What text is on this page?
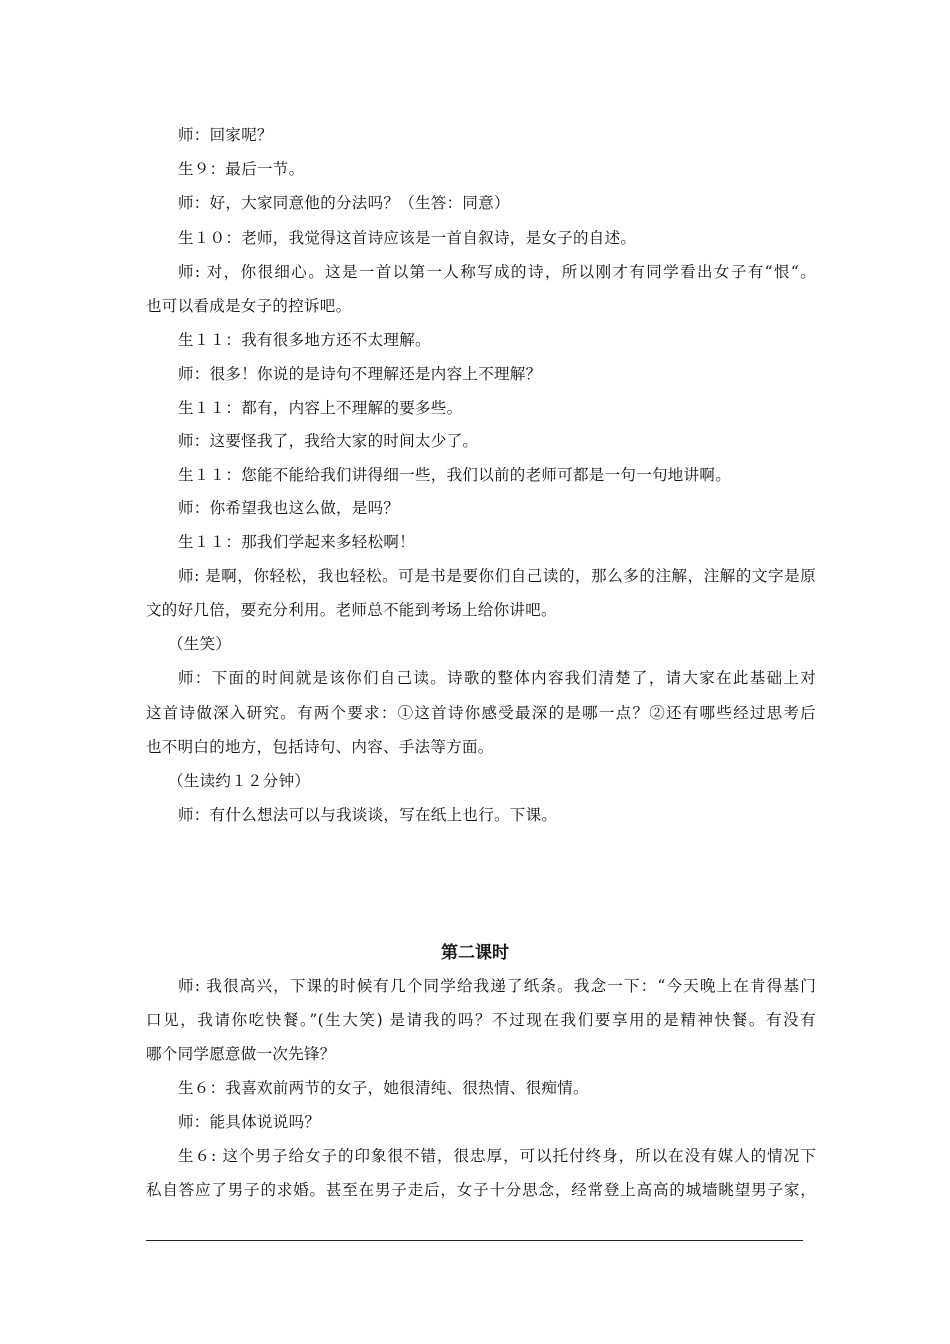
师：回家呢？
生９：最后一节。
师：好，大家同意他的分法吗？（生答：同意）
生１０：老师，我觉得这首诗应该是一首自叙诗，是女子的自述。
师: 对，你很细心。这是一首以第一人称写成的诗，所以刚才有同学看出女子有“恨“。
也可以看成是女子的控诉吧。
生１１：我有很多地方还不太理解。
师：很多！你说的是诗句不理解还是内容上不理解？
生１１：都有，内容上不理解的要多些。
师：这要怪我了，我给大家的时间太少了。
生１１：您能不能给我们讲得细一些，我们以前的老师可都是一句一句地讲啊。
师：你希望我也这么做，是吗？
生１１：那我们学起来多轻松啊！
师: 是啊，你轻松，我也轻松。可是书是要你们自己读的，那么多的注解，注解的文字是原
文的好几倍，要充分利用。老师总不能到考场上给你讲吧。
（生笑）
师：下面的时间就是该你们自己读。诗歌的整体内容我们清楚了，请大家在此基础上对
这首诗做深入研究。有两个要求：①这首诗你感受最深的是哪一点？②还有哪些经过思考后
也不明白的地方，包括诗句、内容、手法等方面。
（生读约１２分钟）
师：有什么想法可以与我谈谈，写在纸上也行。下课。
第二课时
师: 我很高兴，下课的时候有几个同学给我递了纸条。我念一下：“今天晚上在肯得基门
口见，我请你吃快餐。”(生大笑) 是请我的吗？不过现在我们要享用的是精神快餐。有没有
哪个同学愿意做一次先锋？
生６：我喜欢前两节的女子，她很清纯、很热情、很痴情。
师：能具体说说吗？
生６: 这个男子给女子的印象很不错，很忠厚，可以托付终身，所以在没有媒人的情况下
私自答应了男子的求婚。甚至在男子走后，女子十分思念，经常登上高高的城墙眺望男子家，
